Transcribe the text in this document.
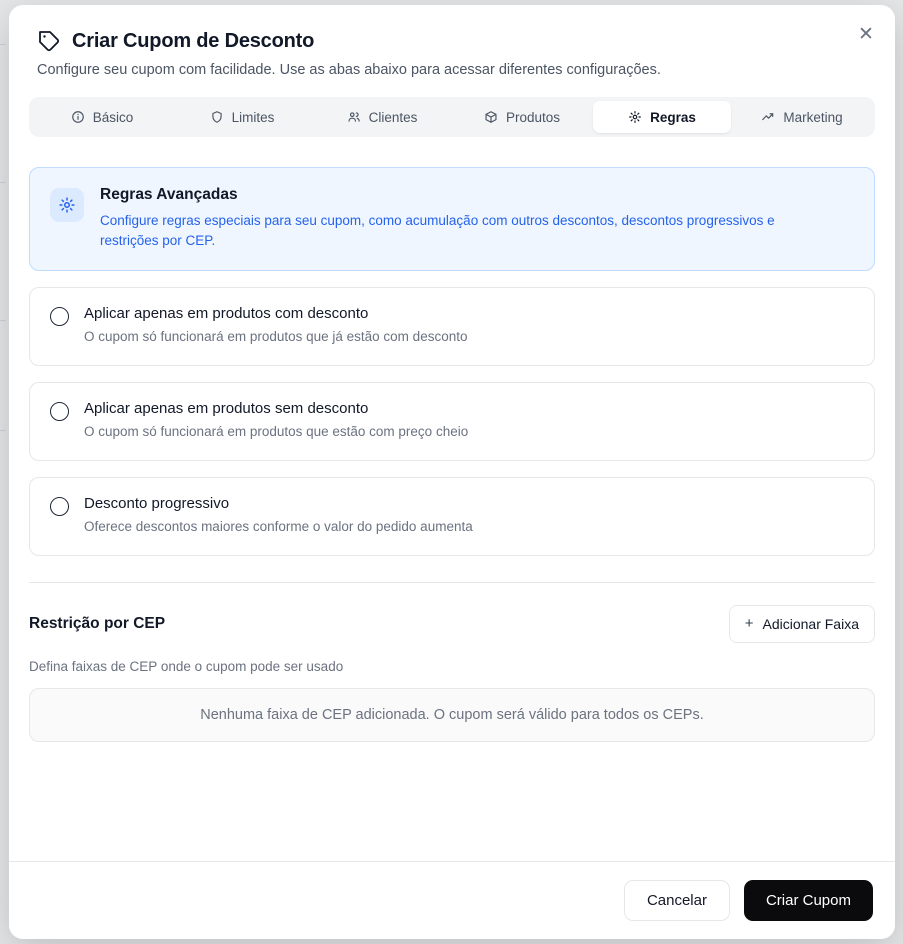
✕
Criar Cupom de Desconto
Configure seu cupom com facilidade. Use as abas abaixo para acessar diferentes configurações.
Básico	Limites	Clientes	Produtos	Regras	Marketing
Regras Avançadas
Configure regras especiais para seu cupom, como acumulação com outros descontos, descontos progressivos e restrições por CEP.
Aplicar apenas em produtos com desconto
O cupom só funcionará em produtos que já estão com desconto
Aplicar apenas em produtos sem desconto
O cupom só funcionará em produtos que estão com preço cheio
Desconto progressivo
Oferece descontos maiores conforme o valor do pedido aumenta
Restrição por CEP	+ Adicionar Faixa
Defina faixas de CEP onde o cupom pode ser usado
Nenhuma faixa de CEP adicionada. O cupom será válido para todos os CEPs.
Cancelar	Criar Cupom
